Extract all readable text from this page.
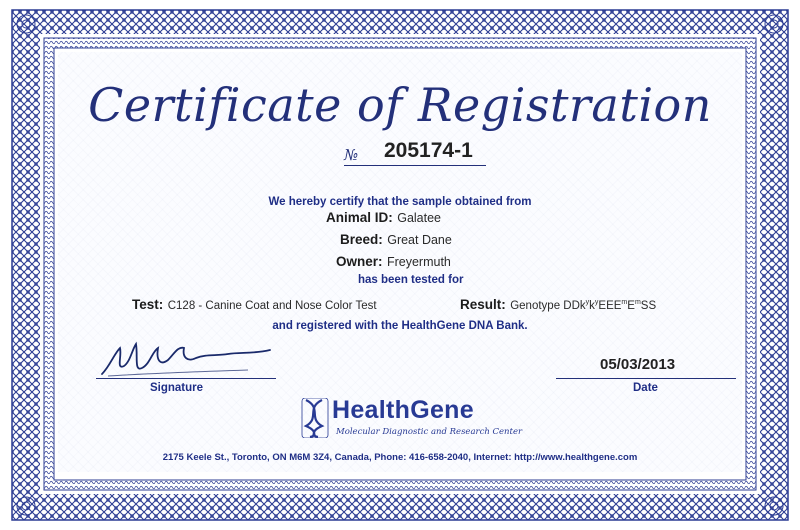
Certificate of Registration
№ 205174-1
We hereby certify that the sample obtained from
Animal ID: Galatee
Breed: Great Dane
Owner: Freyermuth
has been tested for
Test: C128 - Canine Coat and Nose Color Test	Result: Genotype $DDk^yk^yEEE^mE^mSS$
and registered with the HealthGene DNA Bank.
Signature
05/03/2013
Date
HealthGene
Molecular Diagnostic and Research Center
2175 Keele St., Toronto, ON M6M 3Z4, Canada, Phone: 416-658-2040, Internet: http://www.healthgene.com
